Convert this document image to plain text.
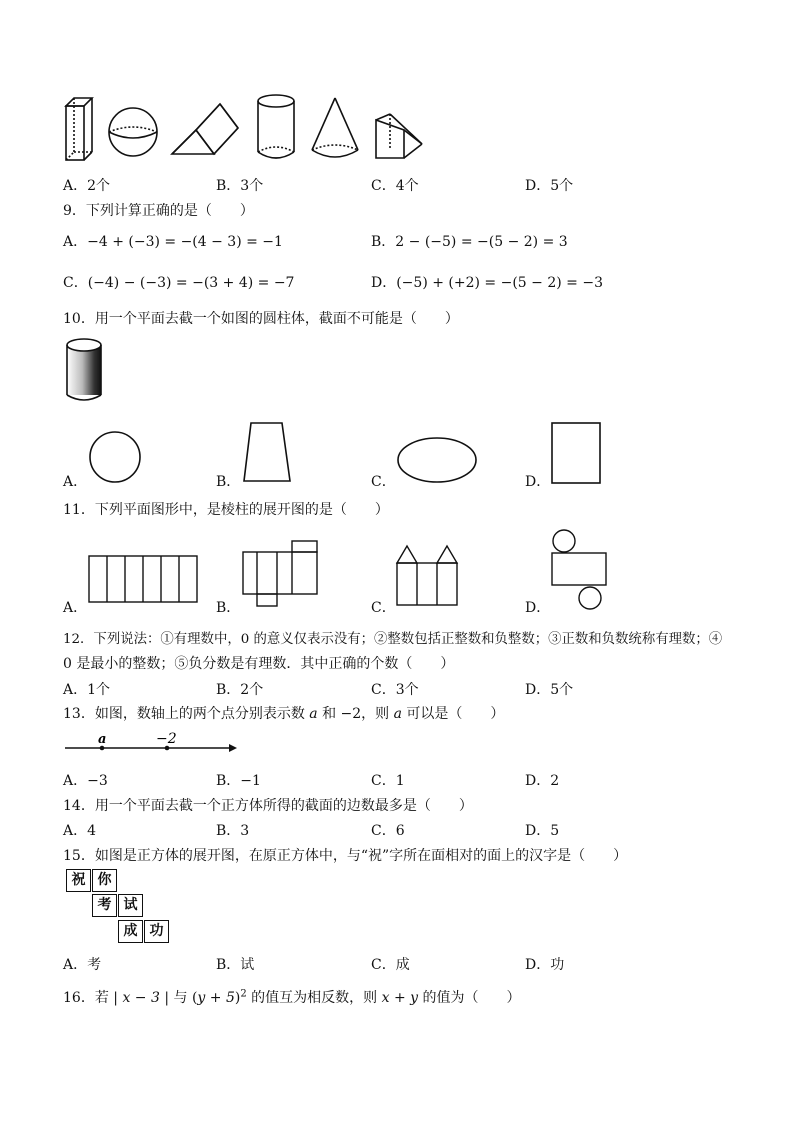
A．2个	B．3个	C．4个	D．5个
9．下列计算正确的是（　　）
A．−4 + (−3) = −(4 − 3) = −1	B．2 − (−5) = −(5 − 2) = 3
C．(−4) − (−3) = −(3 + 4) = −7	D．(−5) + (+2) = −(5 − 2) = −3
10．用一个平面去截一个如图的圆柱体，截面不可能是（　　）
A．	B．	C．	D．
11．下列平面图形中，是棱柱的展开图的是（　　）
A．	B．	C．	D．
12．下列说法：①有理数中，0 的意义仅表示没有；②整数包括正整数和负整数；③正数和负数统称有理数；④
0 是最小的整数；⑤负分数是有理数．其中正确的个数（　　）
A．1个	B．2个	C．3个	D．5个
13．如图，数轴上的两个点分别表示数 a 和 −2，则 a 可以是（　　）
a	−2
A．−3	B．−1	C．1	D．2
14．用一个平面去截一个正方体所得的截面的边数最多是（　　）
A．4	B．3	C．6	D．5
15．如图是正方体的展开图，在原正方体中，与“祝”字所在面相对的面上的汉字是（　　）
祝 你
考 试
成 功
A．考	B．试	C．成	D．功
16．若 | x − 3 | 与 $(y + 5)^2$ 的值互为相反数，则 x + y 的值为（　　）
